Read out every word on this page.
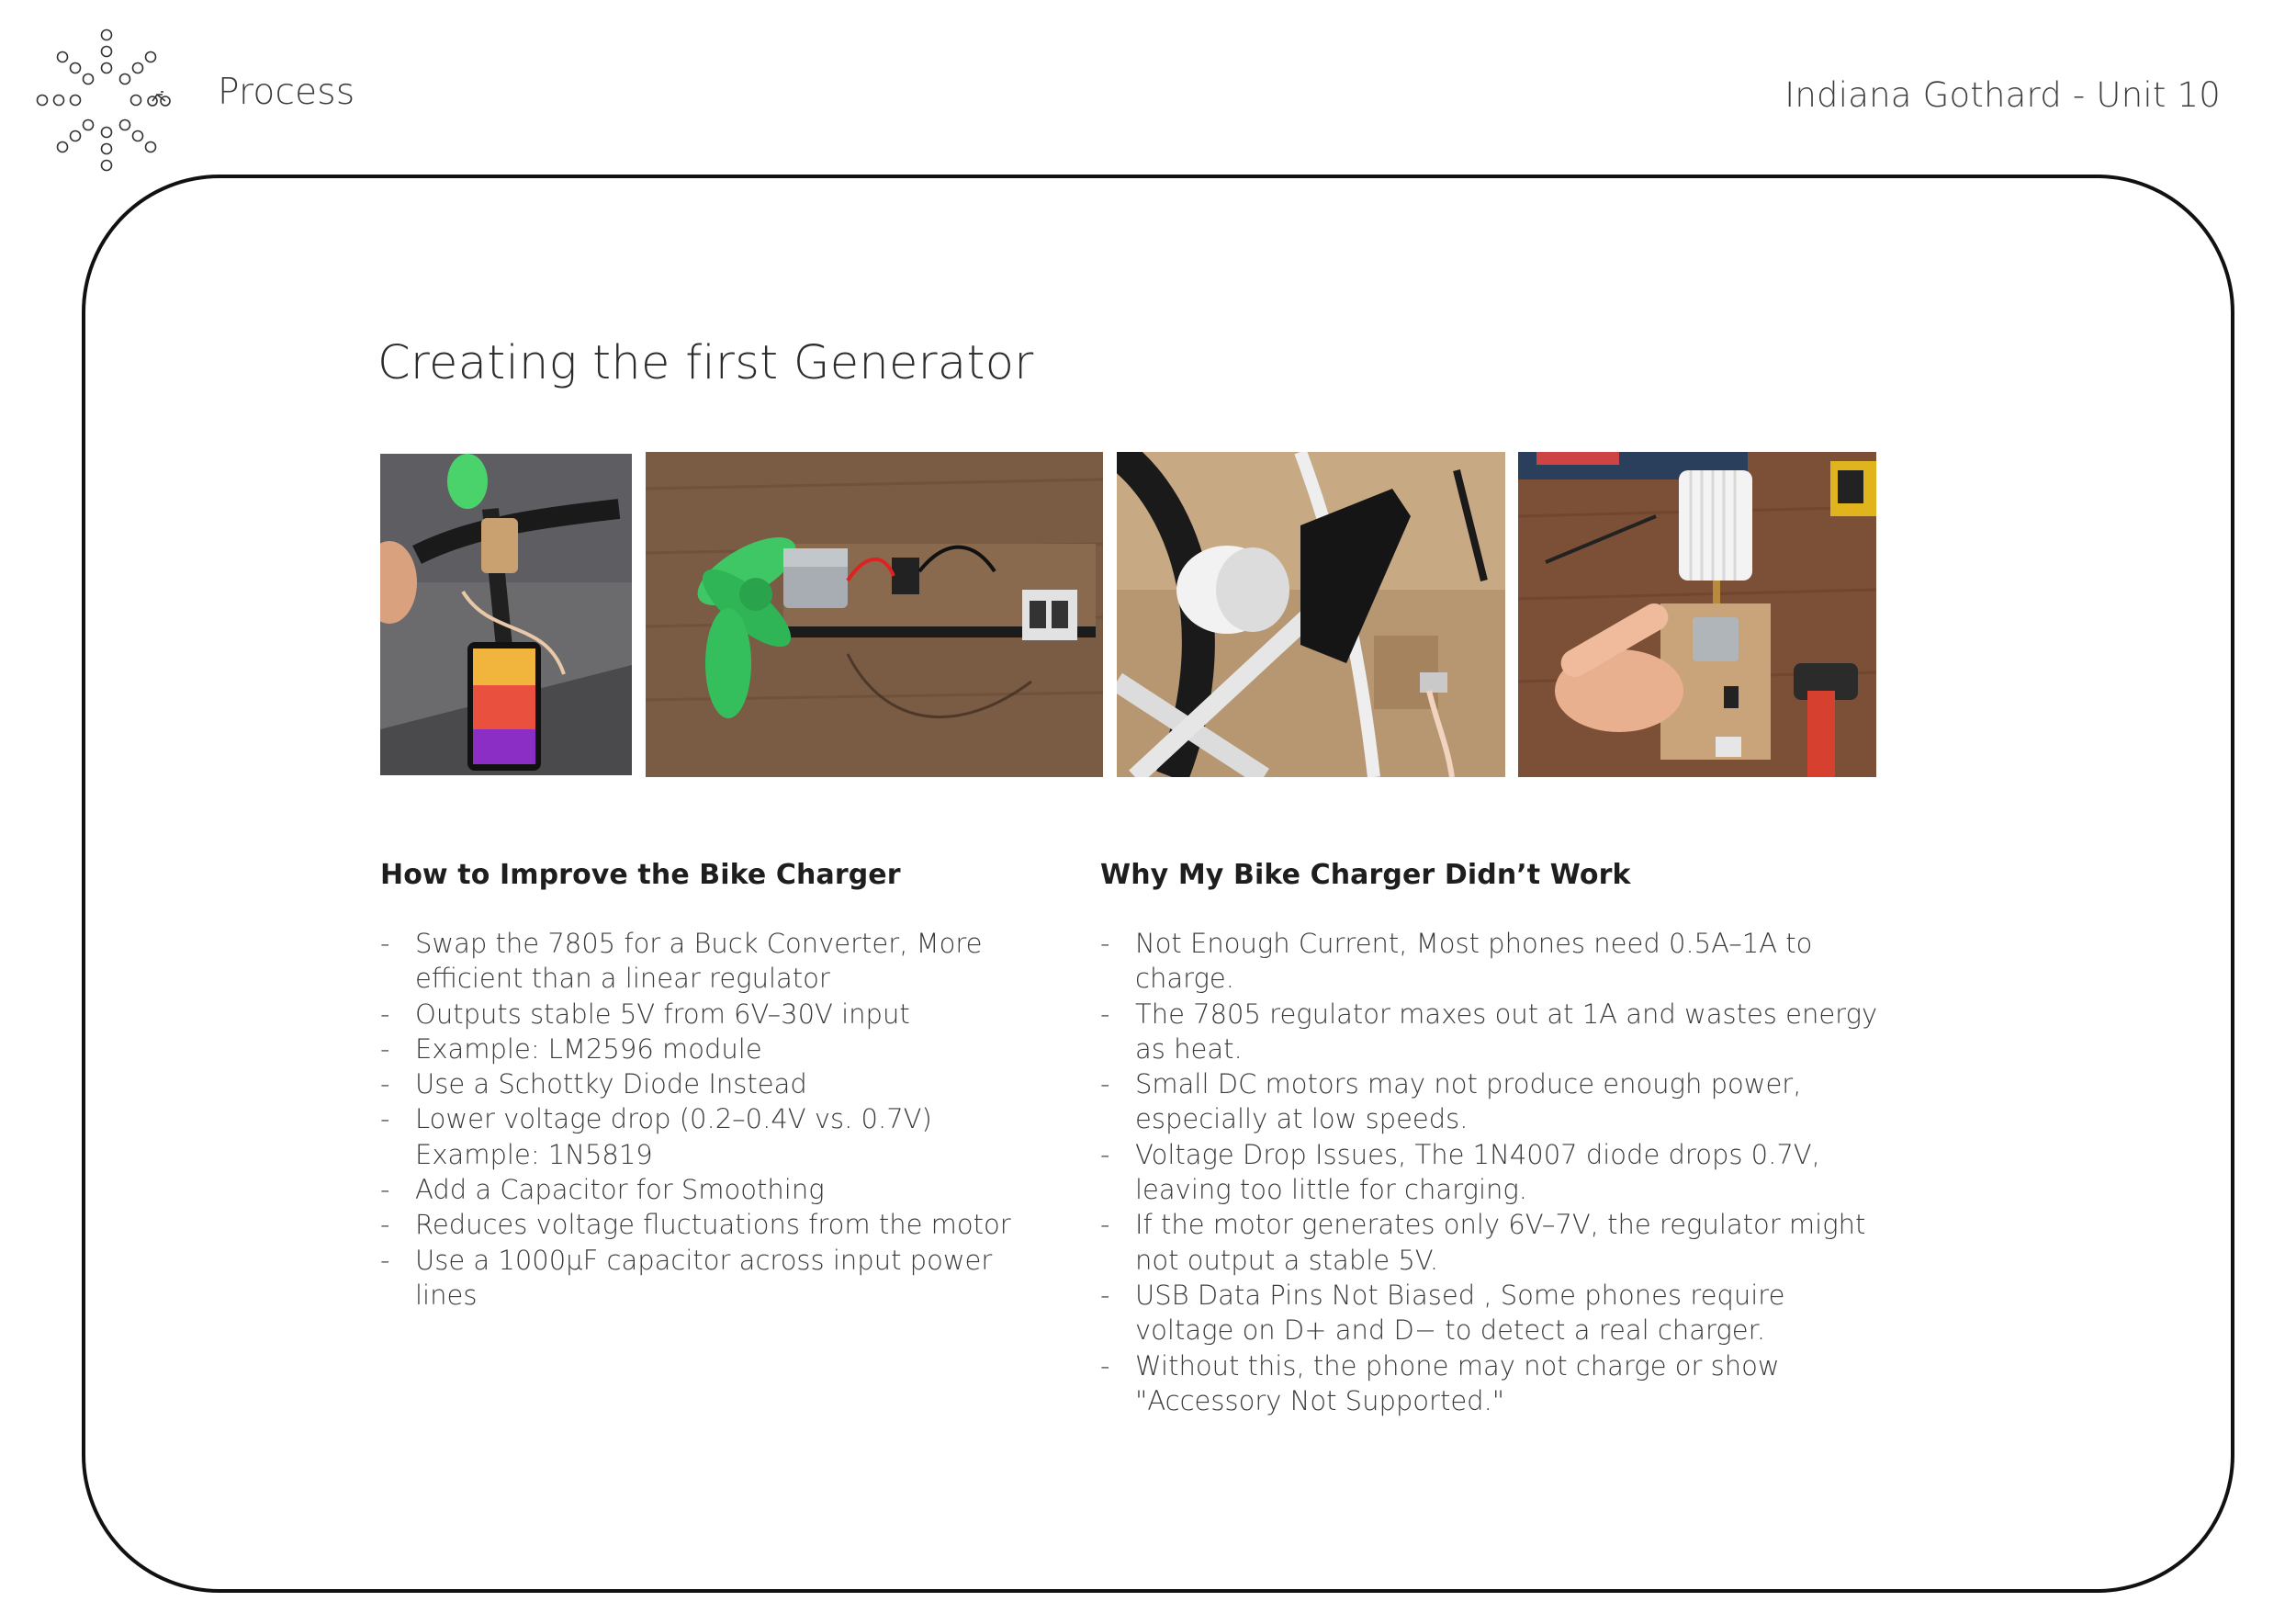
Process	Indiana Gothard - Unit 10
Creating the first Generator
How to Improve the Bike Charger
- Swap the 7805 for a Buck Converter, More efficient than a linear regulator
- Outputs stable 5V from 6V–30V input
- Example: LM2596 module
- Use a Schottky Diode Instead
- Lower voltage drop (0.2–0.4V vs. 0.7V) Example: 1N5819
- Add a Capacitor for Smoothing
- Reduces voltage fluctuations from the motor
- Use a 1000µF capacitor across input power lines
Why My Bike Charger Didn’t Work
- Not Enough Current, Most phones need 0.5A–1A to charge.
- The 7805 regulator maxes out at 1A and wastes energy as heat.
- Small DC motors may not produce enough power, especially at low speeds.
- Voltage Drop Issues, The 1N4007 diode drops 0.7V, leaving too little for charging.
- If the motor generates only 6V–7V, the regulator might not output a stable 5V.
- USB Data Pins Not Biased , Some phones require voltage on D+ and D− to detect a real charger.
- Without this, the phone may not charge or show "Accessory Not Supported."
